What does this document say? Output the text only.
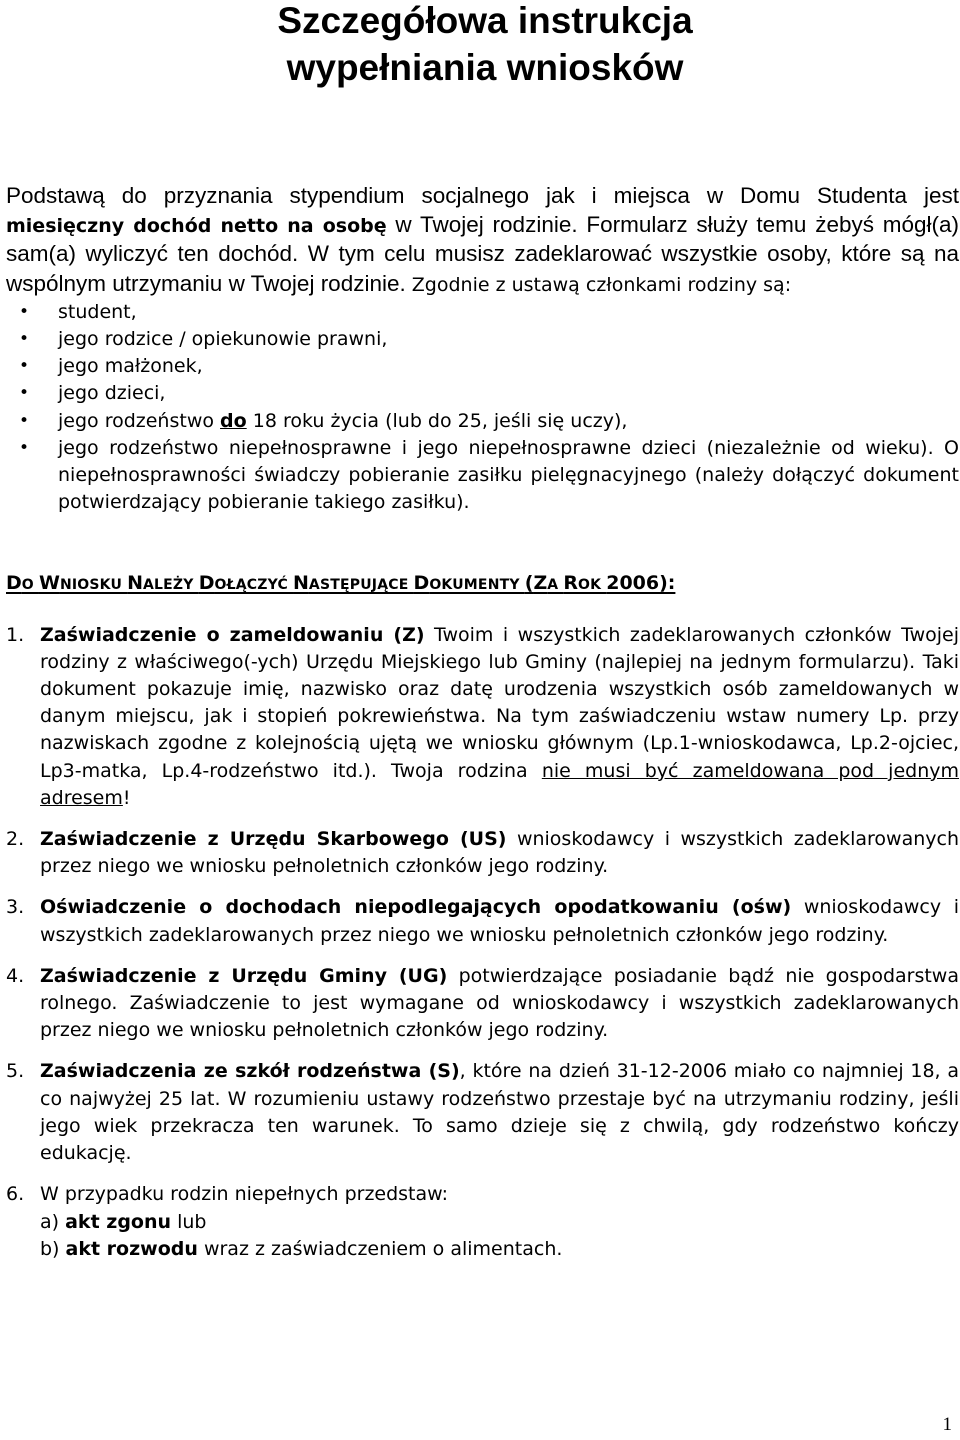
Szczegółowa instrukcja
wypełniania wniosków

Podstawą do przyznania stypendium socjalnego jak i miejsca w Domu Studenta jest miesięczny dochód netto na osobę w Twojej rodzinie. Formularz służy temu żebyś mógł(a) sam(a) wyliczyć ten dochód. W tym celu musisz zadeklarować wszystkie osoby, które są na wspólnym utrzymaniu w Twojej rodzinie. Zgodnie z ustawą członkami rodziny są:

• student,
• jego rodzice / opiekunowie prawni,
• jego małżonek,
• jego dzieci,
• jego rodzeństwo do 18 roku życia (lub do 25, jeśli się uczy),
• jego rodzeństwo niepełnosprawne i jego niepełnosprawne dzieci (niezależnie od wieku). O niepełnosprawności świadczy pobieranie zasiłku pielęgnacyjnego (należy dołączyć dokument potwierdzający pobieranie takiego zasiłku).

DO WNIOSKU NALEŻY DOŁĄCZYĆ NASTĘPUJĄCE DOKUMENTY (ZA ROK 2006):

1. Zaświadczenie o zameldowaniu (Z) Twoim i wszystkich zadeklarowanych członków Twojej rodziny z właściwego(-ych) Urzędu Miejskiego lub Gminy (najlepiej na jednym formularzu). Taki dokument pokazuje imię, nazwisko oraz datę urodzenia wszystkich osób zameldowanych w danym miejscu, jak i stopień pokrewieństwa. Na tym zaświadczeniu wstaw numery Lp. przy nazwiskach zgodne z kolejnością ujętą we wniosku głównym (Lp.1-wnioskodawca, Lp.2-ojciec, Lp3-matka, Lp.4-rodzeństwo itd.). Twoja rodzina nie musi być zameldowana pod jednym adresem!
2. Zaświadczenie z Urzędu Skarbowego (US) wnioskodawcy i wszystkich zadeklarowanych przez niego we wniosku pełnoletnich członków jego rodziny.
3. Oświadczenie o dochodach niepodlegających opodatkowaniu (ośw) wnioskodawcy i wszystkich zadeklarowanych przez niego we wniosku pełnoletnich członków jego rodziny.
4. Zaświadczenie z Urzędu Gminy (UG) potwierdzające posiadanie bądź nie gospodarstwa rolnego. Zaświadczenie to jest wymagane od wnioskodawcy i wszystkich zadeklarowanych przez niego we wniosku pełnoletnich członków jego rodziny.
5. Zaświadczenia ze szkół rodzeństwa (S), które na dzień 31-12-2006 miało co najmniej 18, a co najwyżej 25 lat. W rozumieniu ustawy rodzeństwo przestaje być na utrzymaniu rodziny, jeśli jego wiek przekracza ten warunek. To samo dzieje się z chwilą, gdy rodzeństwo kończy edukację.
6. W przypadku rodzin niepełnych przedstaw:
a) akt zgonu lub
b) akt rozwodu wraz z zaświadczeniem o alimentach.
1
